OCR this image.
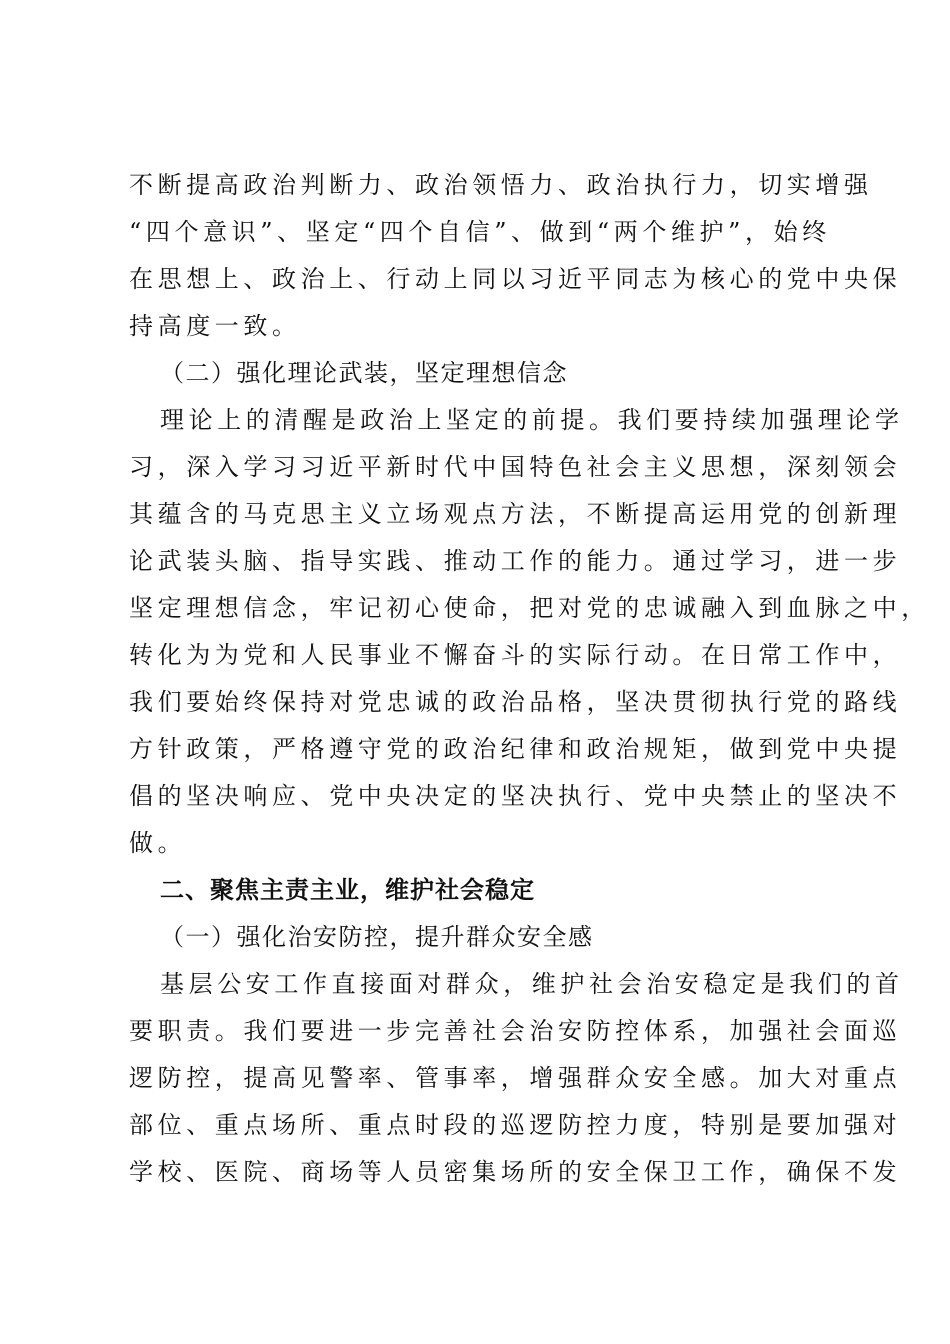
不断提高政治判断力、政治领悟力、政治执行力，切实增强
“四个意识”、坚定“四个自信”、做到“两个维护”，始终
在思想上、政治上、行动上同以习近平同志为核心的党中央保
持高度一致。
（二）强化理论武装，坚定理想信念
理论上的清醒是政治上坚定的前提。我们要持续加强理论学
习，深入学习习近平新时代中国特色社会主义思想，深刻领会
其蕴含的马克思主义立场观点方法，不断提高运用党的创新理
论武装头脑、指导实践、推动工作的能力。通过学习，进一步
坚定理想信念，牢记初心使命，把对党的忠诚融入到血脉之中，
转化为为党和人民事业不懈奋斗的实际行动。在日常工作中，
我们要始终保持对党忠诚的政治品格，坚决贯彻执行党的路线
方针政策，严格遵守党的政治纪律和政治规矩，做到党中央提
倡的坚决响应、党中央决定的坚决执行、党中央禁止的坚决不
做。
二、聚焦主责主业，维护社会稳定
（一）强化治安防控，提升群众安全感
基层公安工作直接面对群众，维护社会治安稳定是我们的首
要职责。我们要进一步完善社会治安防控体系，加强社会面巡
逻防控，提高见警率、管事率，增强群众安全感。加大对重点
部位、重点场所、重点时段的巡逻防控力度，特别是要加强对
学校、医院、商场等人员密集场所的安全保卫工作，确保不发
